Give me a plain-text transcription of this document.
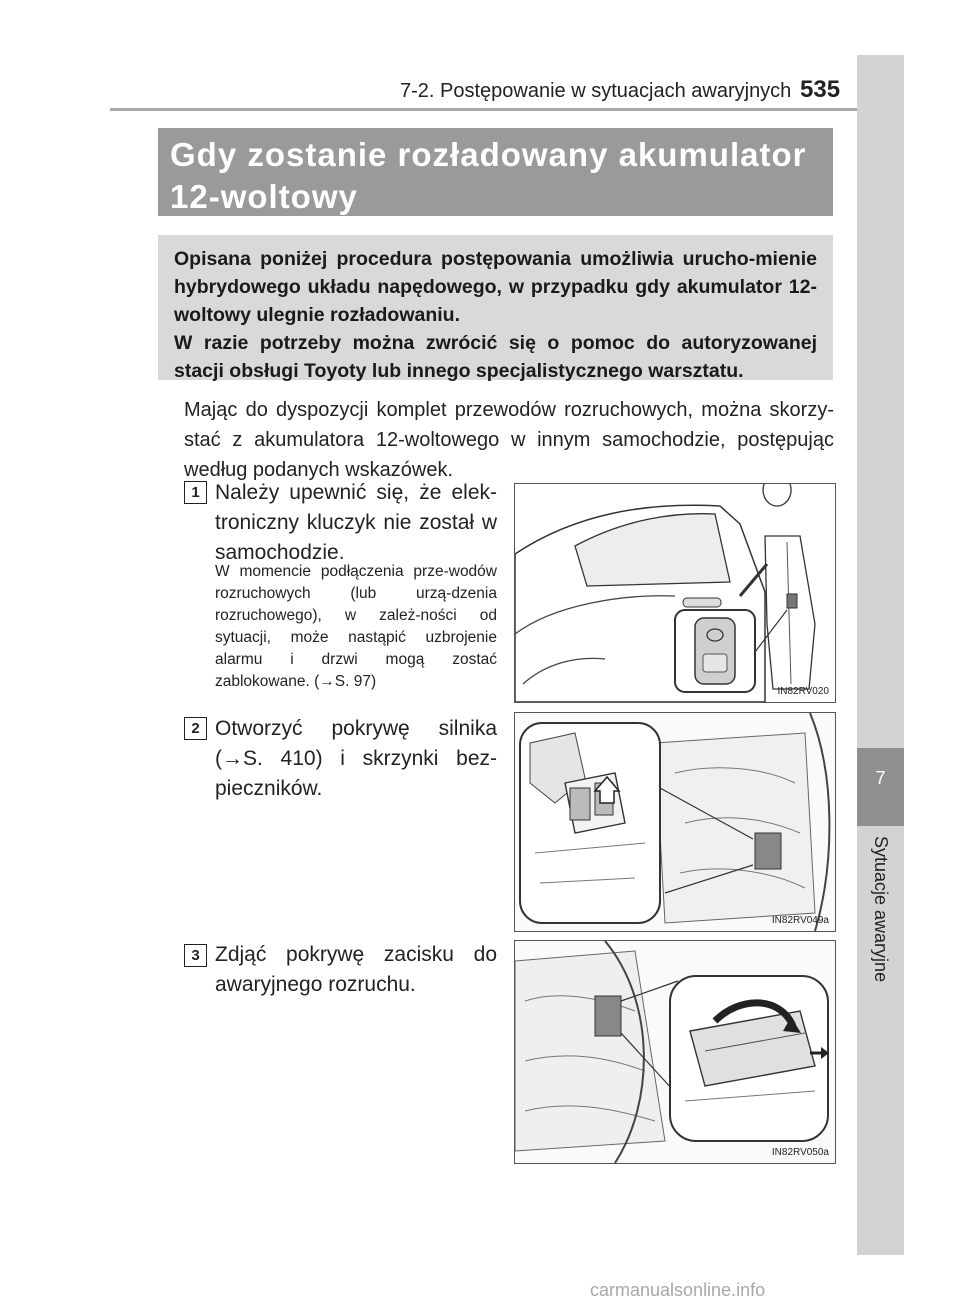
7-2. Postępowanie w sytuacjach awaryjnych 535
7
Sytuacje awaryjne
Gdy zostanie rozładowany akumulator
12-woltowy

Opisana poniżej procedura postępowania umożliwia urucho-mienie hybrydowego układu napędowego, w przypadku gdy akumulator 12-woltowy ulegnie rozładowaniu.

W razie potrzeby można zwrócić się o pomoc do autoryzowanej stacji obsługi Toyoty lub innego specjalistycznego warsztatu.

Mając do dyspozycji komplet przewodów rozruchowych, można skorzy-stać z akumulatora 12-woltowego w innym samochodzie, postępując według podanych wskazówek.

1 Należy upewnić się, że elek-troniczny kluczyk nie został w samochodzie.

W momencie podłączenia prze-wodów rozruchowych (lub urzą-dzenia rozruchowego), w zależ-ności od sytuacji, może nastąpić uzbrojenie alarmu i drzwi mogą zostać zablokowane. (→S. 97)

IN82RV020
2 Otworzyć pokrywę silnika (→S. 410) i skrzynki bez-pieczników.

IN82RV049a
3 Zdjąć pokrywę zacisku do awaryjnego rozruchu.

IN82RV050a
carmanualsonline.info
